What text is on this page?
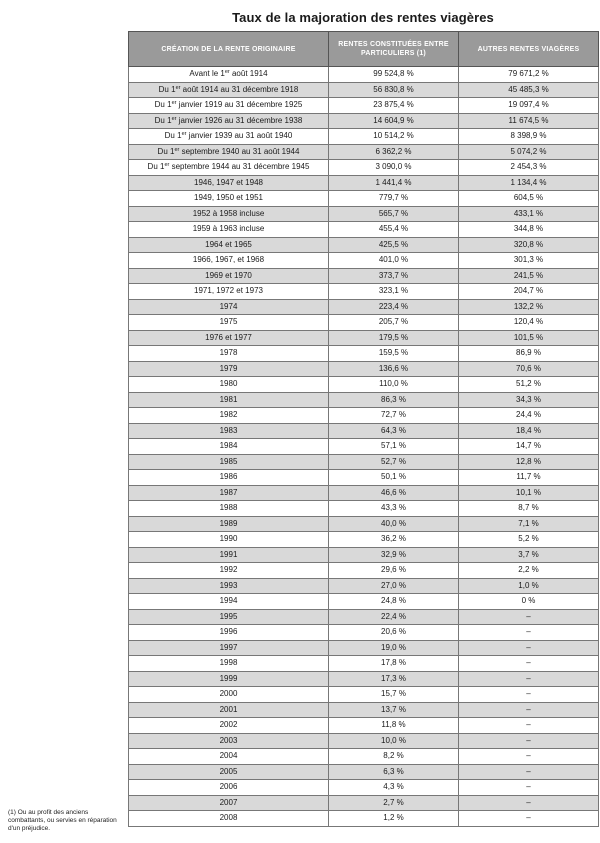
Taux de la majoration des rentes viagères
CRÉATION DE LA RENTE ORIGINAIRE	RENTES CONSTITUÉES ENTRE PARTICULIERS (1)	AUTRES RENTES VIAGÈRES
Avant le 1er août 1914	99 524,8 %	79 671,2 %
Du 1er août 1914 au 31 décembre 1918	56 830,8 %	45 485,3 %
Du 1er janvier 1919 au 31 décembre 1925	23 875,4 %	19 097,4 %
Du 1er janvier 1926 au 31 décembre 1938	14 604,9 %	11 674,5 %
Du 1er janvier 1939 au 31 août 1940	10 514,2 %	8 398,9 %
Du 1er septembre 1940 au 31 août 1944	6 362,2 %	5 074,2 %
Du 1er septembre 1944 au 31 décembre 1945	3 090,0 %	2 454,3 %
1946, 1947 et 1948	1 441,4 %	1 134,4 %
1949, 1950 et 1951	779,7 %	604,5 %
1952 à 1958 incluse	565,7 %	433,1 %
1959 à 1963 incluse	455,4 %	344,8 %
1964 et 1965	425,5 %	320,8 %
1966, 1967, et 1968	401,0 %	301,3 %
1969 et 1970	373,7 %	241,5 %
1971, 1972 et 1973	323,1 %	204,7 %
1974	223,4 %	132,2 %
1975	205,7 %	120,4 %
1976 et 1977	179,5 %	101,5 %
1978	159,5 %	86,9 %
1979	136,6 %	70,6 %
1980	110,0 %	51,2 %
1981	86,3 %	34,3 %
1982	72,7 %	24,4 %
1983	64,3 %	18,4 %
1984	57,1 %	14,7 %
1985	52,7 %	12,8 %
1986	50,1 %	11,7 %
1987	46,6 %	10,1 %
1988	43,3 %	8,7 %
1989	40,0 %	7,1 %
1990	36,2 %	5,2 %
1991	32,9 %	3,7 %
1992	29,6 %	2,2 %
1993	27,0 %	1,0 %
1994	24,8 %	0 %
1995	22,4 %	–
1996	20,6 %	–
1997	19,0 %	–
1998	17,8 %	–
1999	17,3 %	–
2000	15,7 %	–
2001	13,7 %	–
2002	11,8 %	–
2003	10,0 %	–
2004	8,2 %	–
2005	6,3 %	–
2006	4,3 %	–
2007	2,7 %	–
2008	1,2 %	–
(1) Ou au profit des anciens combattants, ou servies en réparation d'un préjudice.
